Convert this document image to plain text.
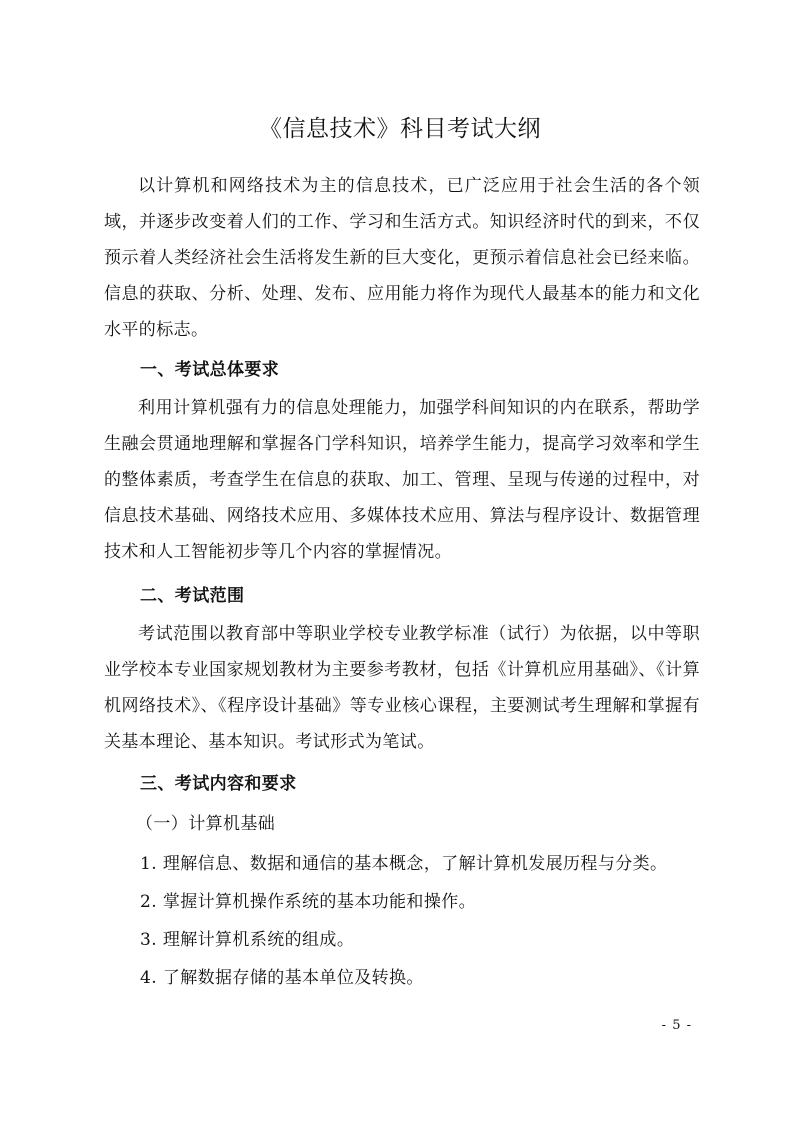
《信息技术》科目考试大纲

以计算机和网络技术为主的信息技术，已广泛应用于社会生活的各个领域，并逐步改变着人们的工作、学习和生活方式。知识经济时代的到来，不仅预示着人类经济社会生活将发生新的巨大变化，更预示着信息社会已经来临。信息的获取、分析、处理、发布、应用能力将作为现代人最基本的能力和文化水平的标志。

一、考试总体要求

利用计算机强有力的信息处理能力，加强学科间知识的内在联系，帮助学生融会贯通地理解和掌握各门学科知识，培养学生能力，提高学习效率和学生的整体素质，考查学生在信息的获取、加工、管理、呈现与传递的过程中，对信息技术基础、网络技术应用、多媒体技术应用、算法与程序设计、数据管理技术和人工智能初步等几个内容的掌握情况。

二、考试范围

考试范围以教育部中等职业学校专业教学标准（试行）为依据，以中等职业学校本专业国家规划教材为主要参考教材，包括《计算机应用基础》、《计算机网络技术》、《程序设计基础》等专业核心课程，主要测试考生理解和掌握有关基本理论、基本知识。考试形式为笔试。

三、考试内容和要求
（一）计算机基础
1. 理解信息、数据和通信的基本概念，了解计算机发展历程与分类。
2. 掌握计算机操作系统的基本功能和操作。
3. 理解计算机系统的组成。
4. 了解数据存储的基本单位及转换。
- 5 -
